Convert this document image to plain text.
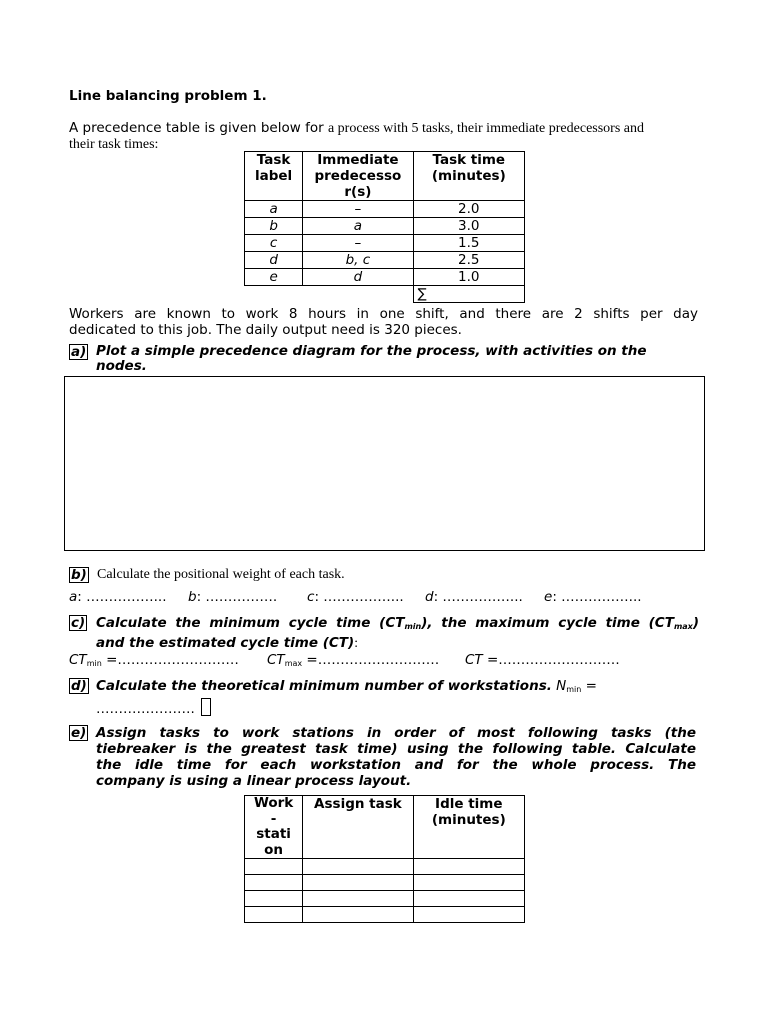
Line balancing problem 1.
A precedence table is given below for a process with 5 tasks, their immediate predecessors and
their task times:
Task
label	Immediate
predecesso
r(s)	Task time
(minutes)
a	–	2.0
b	a	3.0
c	–	1.5
d	b, c	2.5
e	d	1.0
		∑
Workers are known to work 8 hours in one shift, and there are 2 shifts per day
dedicated to this job. The daily output need is 320 pieces.
a) Plot a simple precedence diagram for the process, with activities on the
nodes.
b) Calculate the positional weight of each task.
a: ……………... b: ……………. c: ……………... d: ……………... e: ……………...
c) Calculate the minimum cycle time $(CT_{min})$, the maximum cycle time $(CT_{max})$
and the estimated cycle time (CT):
$CT_{min}$ =……………………… $CT_{max}$ =……………………… CT =………………………
d) Calculate the theoretical minimum number of workstations. $N_{min}$ =
………………….
e) Assign tasks to work stations in order of most following tasks (the
tiebreaker is the greatest task time) using the following table. Calculate
the idle time for each workstation and for the whole process. The
company is using a linear process layout.
Work
-
stati
on	Assign task	Idle time
(minutes)
